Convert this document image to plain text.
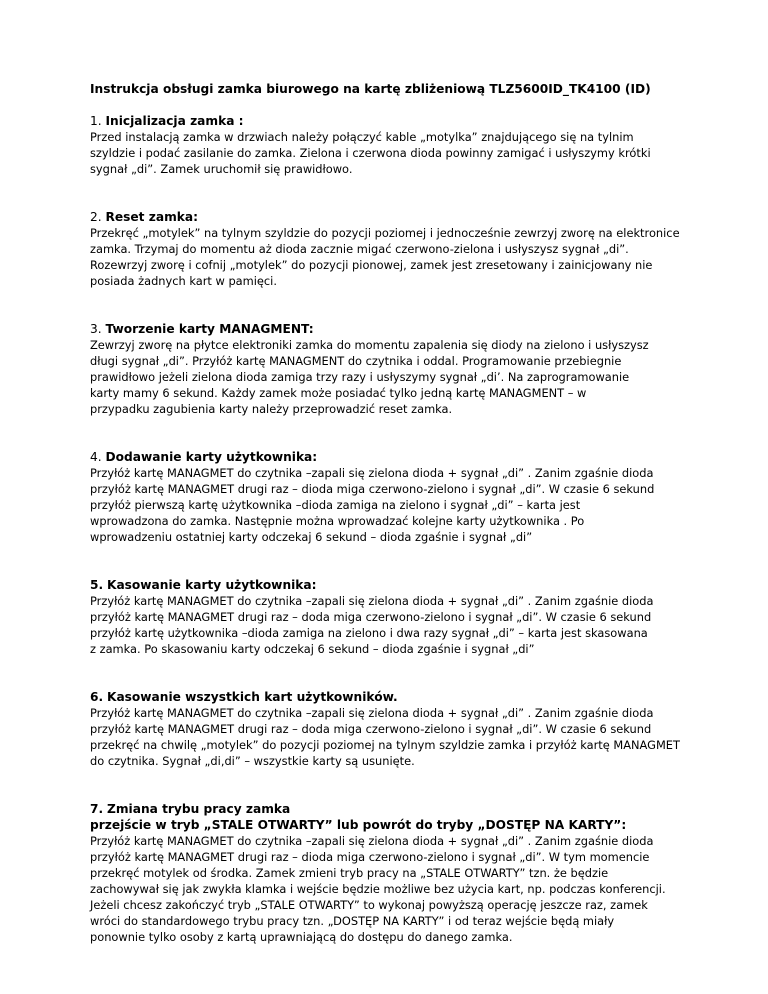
Instrukcja obsługi zamka biurowego na kartę zbliżeniową TLZ5600ID_TK4100 (ID)

1. Inicjalizacja zamka :

Przed instalacją zamka w drzwiach należy połączyć kable „motylka” znajdującego się na tylnim

szyldzie i podać zasilanie do zamka. Zielona i czerwona dioda powinny zamigać i usłyszymy krótki

sygnał „di”. Zamek uruchomił się prawidłowo.

2. Reset zamka:

Przekręć „motylek” na tylnym szyldzie do pozycji poziomej i jednocześnie zewrzyj zworę na elektronice

zamka. Trzymaj do momentu aż dioda zacznie migać czerwono-zielona i usłyszysz sygnał „di”.

Rozewrzyj zworę i cofnij „motylek” do pozycji pionowej, zamek jest zresetowany i zainicjowany nie

posiada żadnych kart w pamięci.

3. Tworzenie karty MANAGMENT:

Zewrzyj zworę na płytce elektroniki zamka do momentu zapalenia się diody na zielono i usłyszysz

długi sygnał „di”. Przyłóż kartę MANAGMENT do czytnika i oddal. Programowanie przebiegnie

prawidłowo jeżeli zielona dioda zamiga trzy razy i usłyszymy sygnał „di’. Na zaprogramowanie

karty mamy 6 sekund. Każdy zamek może posiadać tylko jedną kartę MANAGMENT – w

przypadku zagubienia karty należy przeprowadzić reset zamka.

4. Dodawanie karty użytkownika:

Przyłóż kartę MANAGMET do czytnika –zapali się zielona dioda + sygnał „di” . Zanim zgaśnie dioda

przyłóż kartę MANAGMET drugi raz – dioda miga czerwono-zielono i sygnał „di”. W czasie 6 sekund

przyłóż pierwszą kartę użytkownika –dioda zamiga na zielono i sygnał „di” – karta jest

wprowadzona do zamka. Następnie można wprowadzać kolejne karty użytkownika . Po

wprowadzeniu ostatniej karty odczekaj 6 sekund – dioda zgaśnie i sygnał „di”

5. Kasowanie karty użytkownika:

Przyłóż kartę MANAGMET do czytnika –zapali się zielona dioda + sygnał „di” . Zanim zgaśnie dioda

przyłóż kartę MANAGMET drugi raz – doda miga czerwono-zielono i sygnał „di”. W czasie 6 sekund

przyłóż kartę użytkownika –dioda zamiga na zielono i dwa razy sygnał „di” – karta jest skasowana

z zamka. Po skasowaniu karty odczekaj 6 sekund – dioda zgaśnie i sygnał „di”

6. Kasowanie wszystkich kart użytkowników.

Przyłóż kartę MANAGMET do czytnika –zapali się zielona dioda + sygnał „di” . Zanim zgaśnie dioda

przyłóż kartę MANAGMET drugi raz – doda miga czerwono-zielono i sygnał „di”. W czasie 6 sekund

przekręć na chwilę „motylek” do pozycji poziomej na tylnym szyldzie zamka i przyłóż kartę MANAGMET

do czytnika. Sygnał „di,di” – wszystkie karty są usunięte.

7. Zmiana trybu pracy zamka

przejście w tryb „STALE OTWARTY” lub powrót do tryby „DOSTĘP NA KARTY”:

Przyłóż kartę MANAGMET do czytnika –zapali się zielona dioda + sygnał „di” . Zanim zgaśnie dioda

przyłóż kartę MANAGMET drugi raz – dioda miga czerwono-zielono i sygnał „di”. W tym momencie

przekręć motylek od środka. Zamek zmieni tryb pracy na „STALE OTWARTY” tzn. że będzie

zachowywał się jak zwykła klamka i wejście będzie możliwe bez użycia kart, np. podczas konferencji.

Jeżeli chcesz zakończyć tryb „STALE OTWARTY” to wykonaj powyższą operację jeszcze raz, zamek

wróci do standardowego trybu pracy tzn. „DOSTĘP NA KARTY” i od teraz wejście będą miały

ponownie tylko osoby z kartą uprawniającą do dostępu do danego zamka.
